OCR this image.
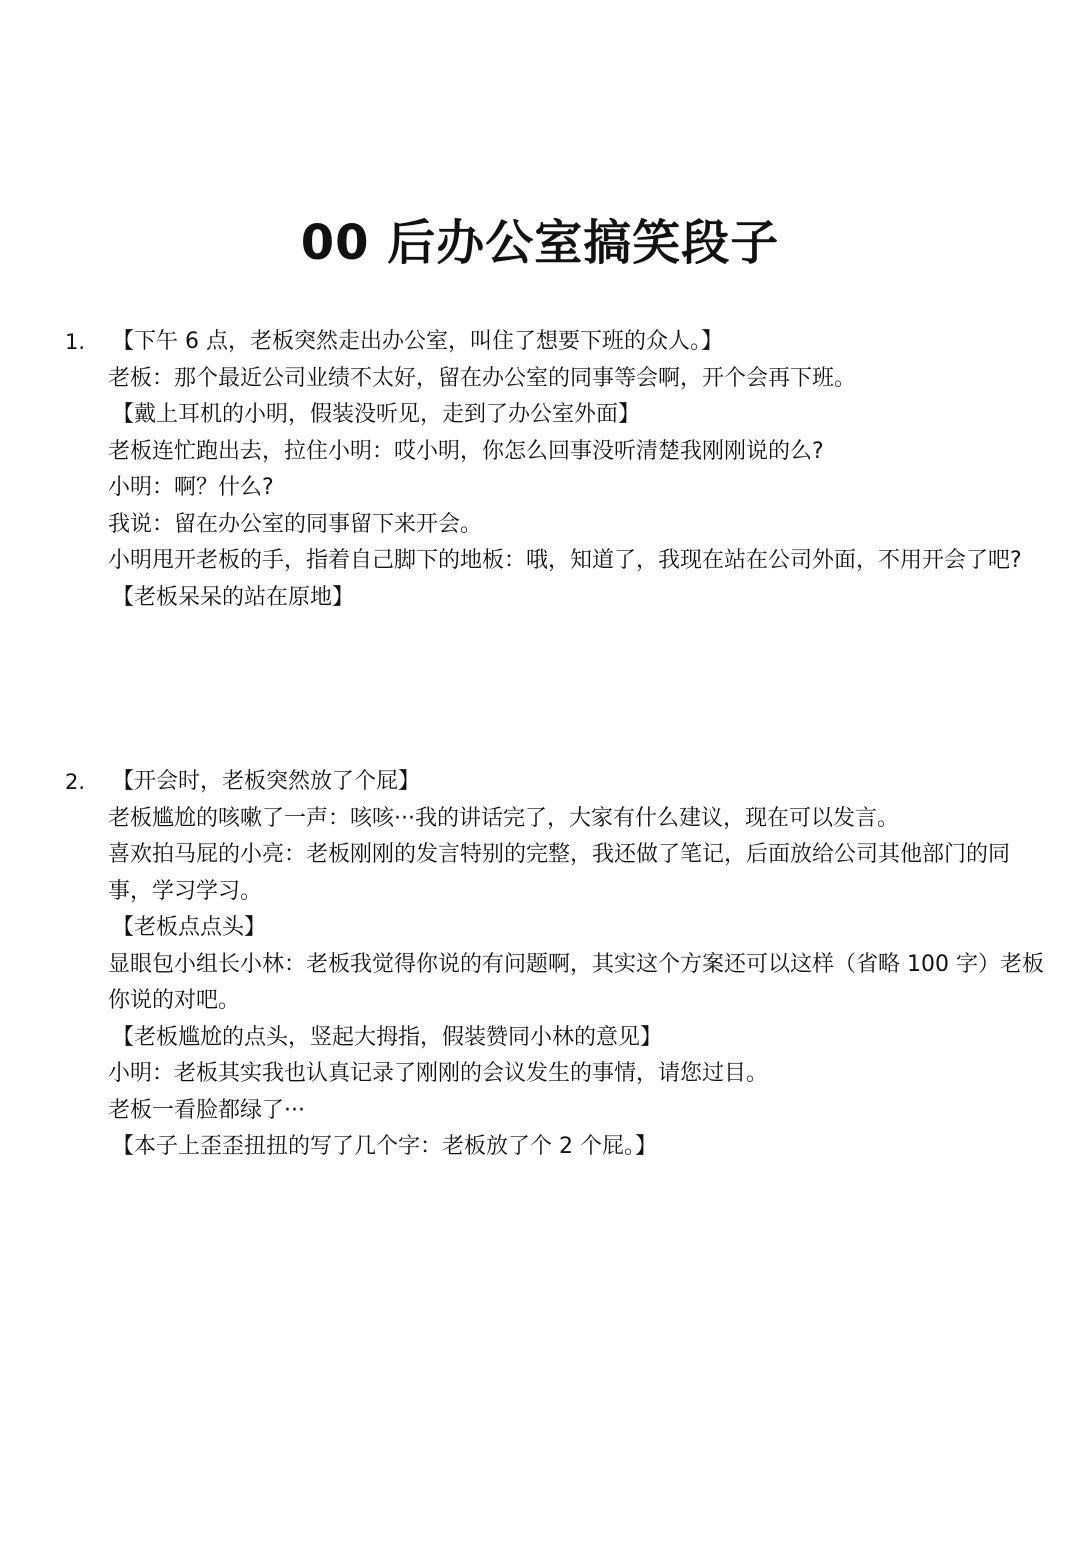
00 后办公室搞笑段子
1. 【下午 6 点，老板突然走出办公室，叫住了想要下班的众人。】
老板：那个最近公司业绩不太好，留在办公室的同事等会啊，开个会再下班。
【戴上耳机的小明，假装没听见，走到了办公室外面】
老板连忙跑出去，拉住小明：哎小明，你怎么回事没听清楚我刚刚说的么?
小明：啊？什么?
我说：留在办公室的同事留下来开会。
小明甩开老板的手，指着自己脚下的地板：哦，知道了，我现在站在公司外面，不用开会了吧?
【老板呆呆的站在原地】
2. 【开会时，老板突然放了个屁】
老板尴尬的咳嗽了一声：咳咳···我的讲话完了，大家有什么建议，现在可以发言。
喜欢拍马屁的小亮：老板刚刚的发言特别的完整，我还做了笔记，后面放给公司其他部门的同事，学习学习。
【老板点点头】
显眼包小组长小林：老板我觉得你说的有问题啊，其实这个方案还可以这样（省略 100 字）老板你说的对吧。
【老板尴尬的点头，竖起大拇指，假装赞同小林的意见】
小明：老板其实我也认真记录了刚刚的会议发生的事情，请您过目。
老板一看脸都绿了···
【本子上歪歪扭扭的写了几个字：老板放了个 2 个屁。】
